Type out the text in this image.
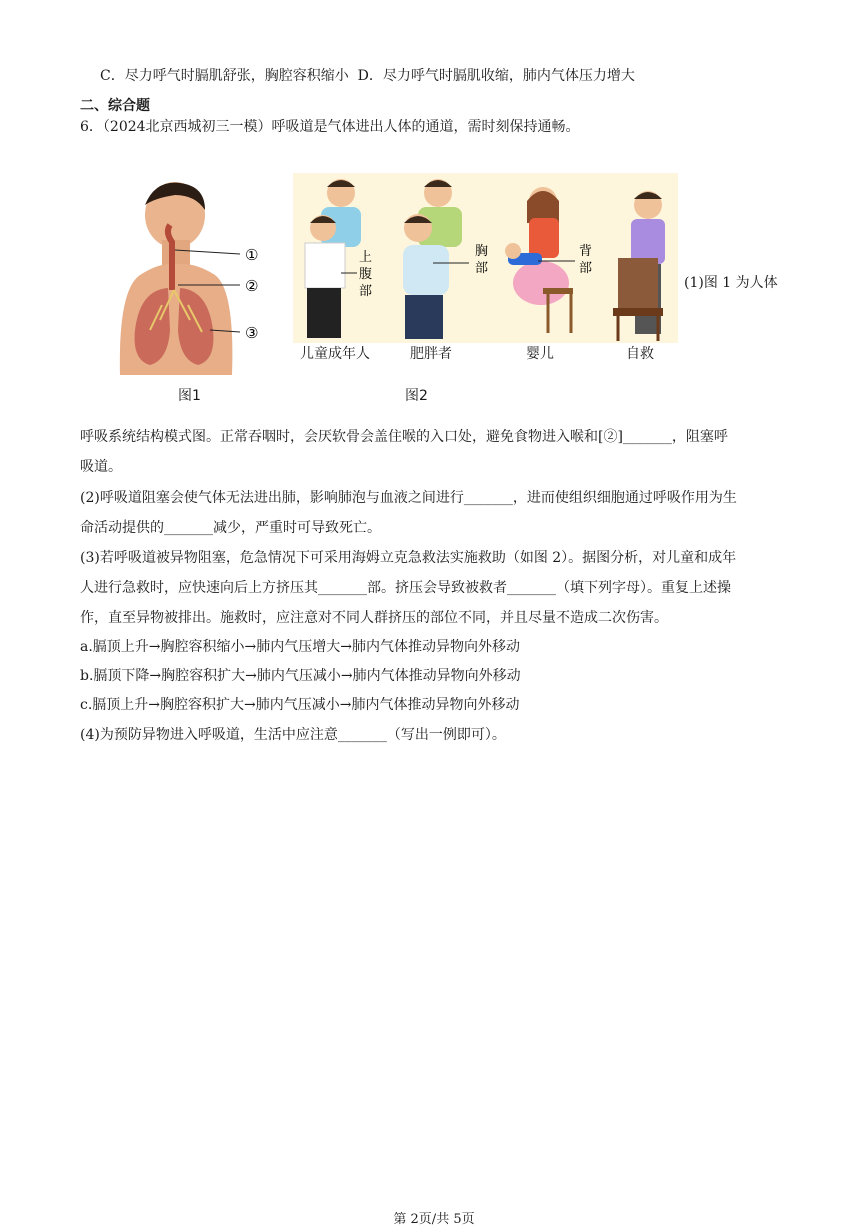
C．尽力呼气时膈肌舒张，胸腔容积缩小 D．尽力呼气时膈肌收缩，肺内气体压力增大
二、综合题
6．（2024北京西城初三一模）呼吸道是气体进出人体的通道，需时刻保持通畅。
①
②
③
上
腹
部
胸
部
背
部
儿童成年人	肥胖者	婴儿	自救
图1	图2
(1)图 1 为人体
呼吸系统结构模式图。正常吞咽时，会厌软骨会盖住喉的入口处，避免食物进入喉和[②]_______，阻塞呼
吸道。
(2)呼吸道阻塞会使气体无法进出肺，影响肺泡与血液之间进行_______，进而使组织细胞通过呼吸作用为生
命活动提供的_______减少，严重时可导致死亡。
(3)若呼吸道被异物阻塞，危急情况下可采用海姆立克急救法实施救助（如图 2）。据图分析，对儿童和成年
人进行急救时，应快速向后上方挤压其_______部。挤压会导致被救者_______（填下列字母）。重复上述操
作，直至异物被排出。施救时，应注意对不同人群挤压的部位不同，并且尽量不造成二次伤害。
a.膈顶上升→胸腔容积缩小→肺内气压增大→肺内气体推动异物向外移动
b.膈顶下降→胸腔容积扩大→肺内气压减小→肺内气体推动异物向外移动
c.膈顶上升→胸腔容积扩大→肺内气压减小→肺内气体推动异物向外移动
(4)为预防异物进入呼吸道，生活中应注意_______（写出一例即可）。
第 2页/共 5页
